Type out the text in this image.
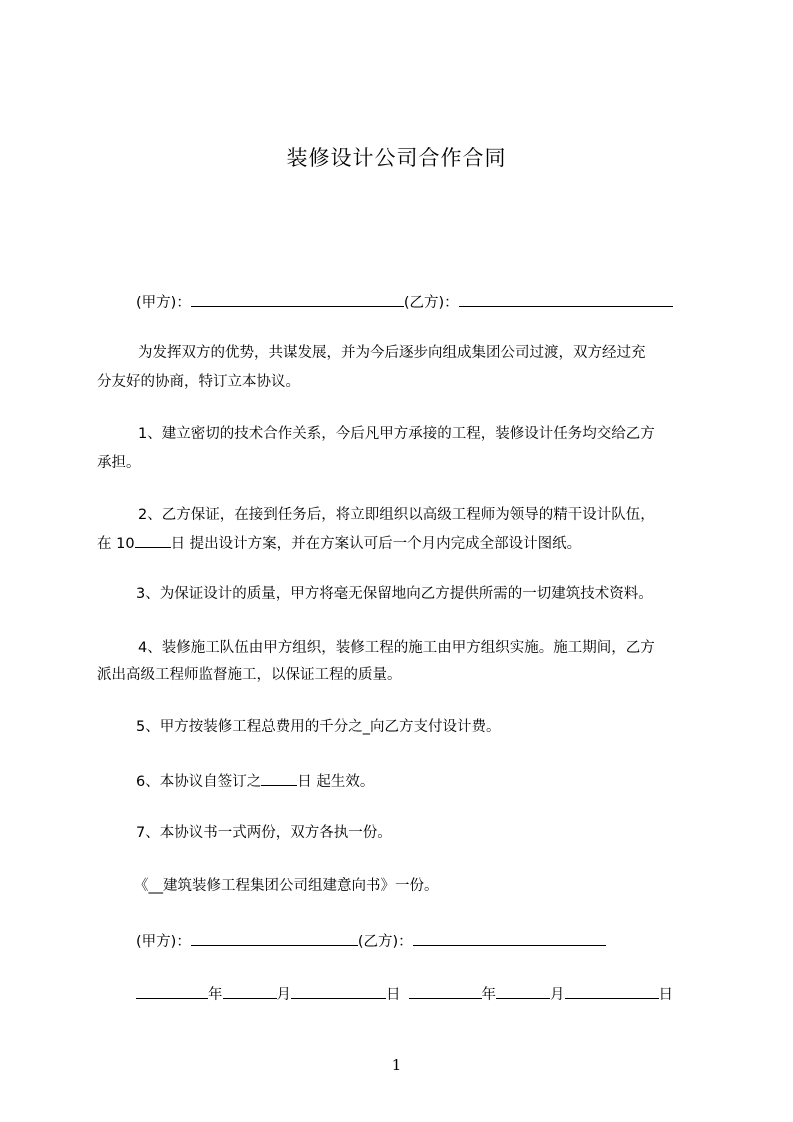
装修设计公司合作合同
(甲方)：	(乙方)：
为发挥双方的优势，共谋发展，并为今后逐步向组成集团公司过渡，双方经过充
分友好的协商，特订立本协议。
1、建立密切的技术合作关系，今后凡甲方承接的工程，装修设计任务均交给乙方
承担。
2、乙方保证，在接到任务后，将立即组织以高级工程师为领导的精干设计队伍，
在 10 日 提出设计方案，并在方案认可后一个月内完成全部设计图纸。
3、为保证设计的质量，甲方将毫无保留地向乙方提供所需的一切建筑技术资料。
4、装修施工队伍由甲方组织，装修工程的施工由甲方组织实施。施工期间，乙方
派出高级工程师监督施工，以保证工程的质量。
5、甲方按装修工程总费用的千分之_向乙方支付设计费。
6、本协议自签订之 日 起生效。
7、本协议书一式两份，双方各执一份。
《__建筑装修工程集团公司组建意向书》一份。
(甲方)：	(乙方)：
年	月	日	年	月	日
1
